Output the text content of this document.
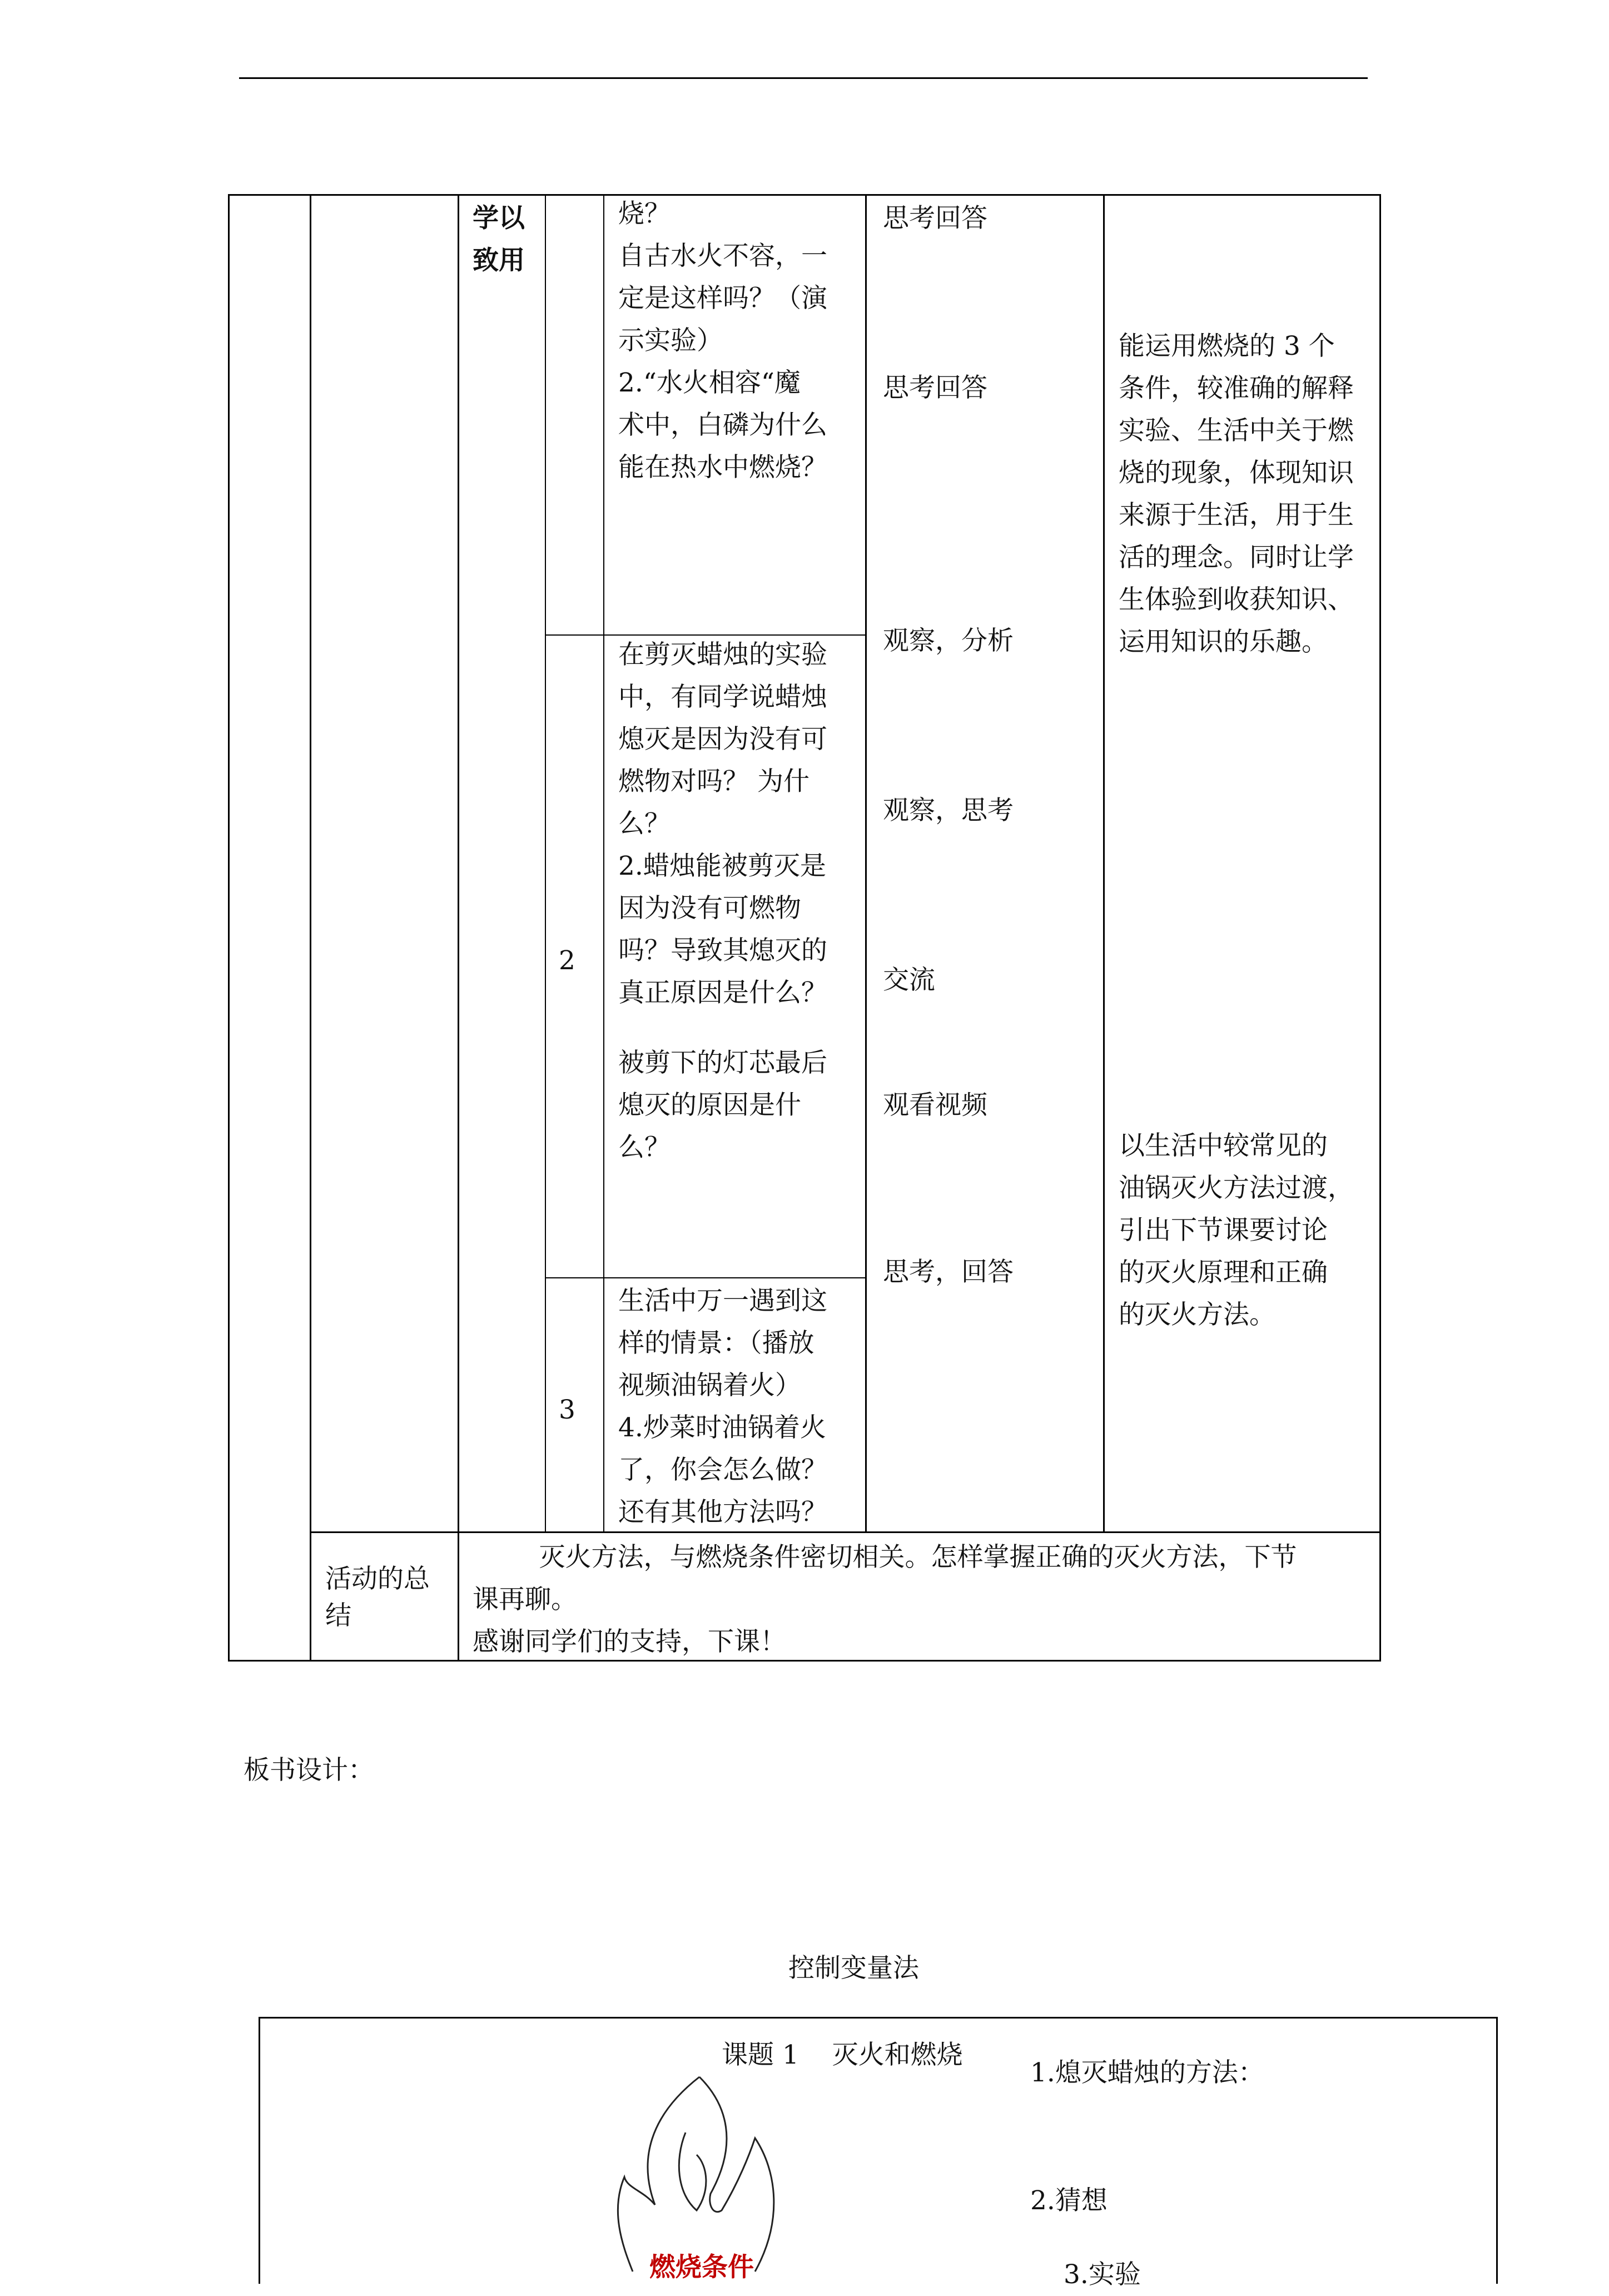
学以
致用
2
3
烧？
自古水火不容，一
定是这样吗？（演
示实验）
2.“水火相容“魔
术中，白磷为什么
能在热水中燃烧？
在剪灭蜡烛的实验
中，有同学说蜡烛
熄灭是因为没有可
燃物对吗？ 为什
么？
2.蜡烛能被剪灭是
因为没有可燃物
吗？导致其熄灭的
真正原因是什么？
被剪下的灯芯最后
熄灭的原因是什
么？
生活中万一遇到这
样的情景：（播放
视频油锅着火）
4.炒菜时油锅着火
了，你会怎么做？
还有其他方法吗？
思考回答
思考回答
观察，分析
观察，思考
交流
观看视频
思考，回答
能运用燃烧的 3 个
条件，较准确的解释
实验、生活中关于燃
烧的现象，体现知识
来源于生活，用于生
活的理念。同时让学
生体验到收获知识、
运用知识的乐趣。
以生活中较常见的
油锅灭火方法过渡，
引出下节课要讨论
的灭火原理和正确
的灭火方法。
活动的总
结
灭火方法，与燃烧条件密切相关。怎样掌握正确的灭火方法，下节
课再聊。
感谢同学们的支持，下课！
板书设计：
控制变量法
课题 1    灭火和燃烧
1.熄灭蜡烛的方法：
2.猜想
3.实验
燃烧条件
